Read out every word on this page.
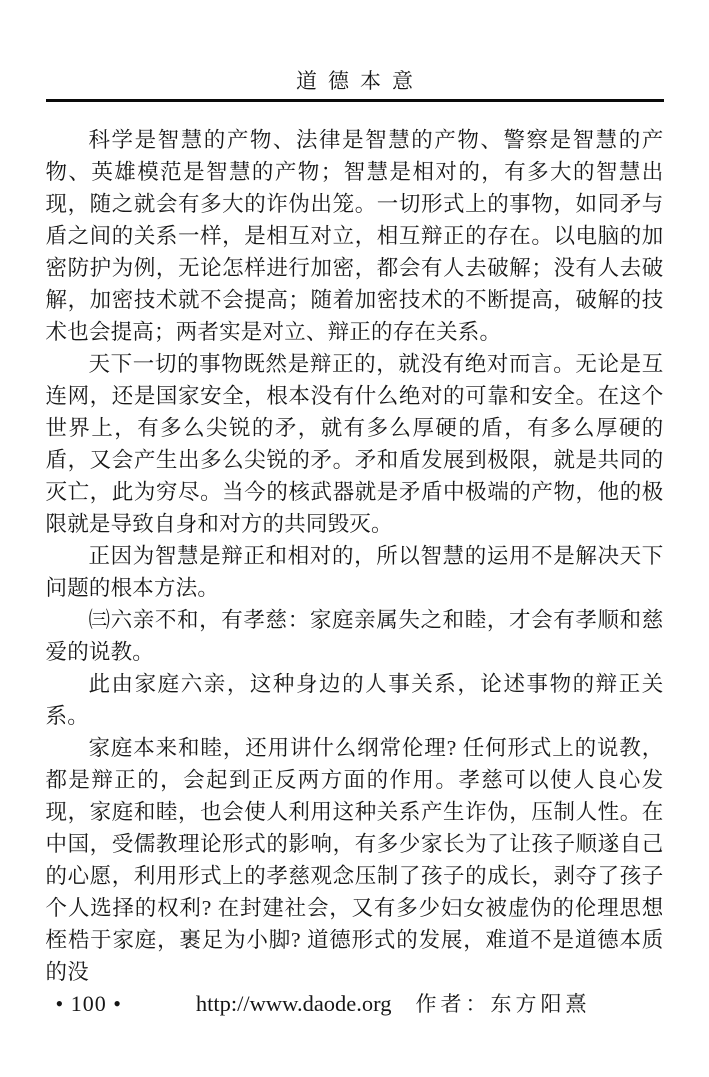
道德本意

科学是智慧的产物、法律是智慧的产物、警察是智慧的产物、英雄模范是智慧的产物；智慧是相对的，有多大的智慧出现，随之就会有多大的诈伪出笼。一切形式上的事物，如同矛与盾之间的关系一样，是相互对立，相互辩正的存在。以电脑的加密防护为例，无论怎样进行加密，都会有人去破解；没有人去破解，加密技术就不会提高；随着加密技术的不断提高，破解的技术也会提高；两者实是对立、辩正的存在关系。

天下一切的事物既然是辩正的，就没有绝对而言。无论是互连网，还是国家安全，根本没有什么绝对的可靠和安全。在这个世界上，有多么尖锐的矛，就有多么厚硬的盾，有多么厚硬的盾，又会产生出多么尖锐的矛。矛和盾发展到极限，就是共同的灭亡，此为穷尽。当今的核武器就是矛盾中极端的产物，他的极限就是导致自身和对方的共同毁灭。

正因为智慧是辩正和相对的，所以智慧的运用不是解决天下问题的根本方法。

㈢六亲不和，有孝慈：家庭亲属失之和睦，才会有孝顺和慈爱的说教。

此由家庭六亲，这种身边的人事关系，论述事物的辩正关系。

家庭本来和睦，还用讲什么纲常伦理? 任何形式上的说教，都是辩正的，会起到正反两方面的作用。孝慈可以使人良心发现，家庭和睦，也会使人利用这种关系产生诈伪，压制人性。在中国，受儒教理论形式的影响，有多少家长为了让孩子顺遂自己的心愿，利用形式上的孝慈观念压制了孩子的成长，剥夺了孩子个人选择的权利? 在封建社会，又有多少妇女被虚伪的伦理思想桎梏于家庭，裹足为小脚? 道德形式的发展，难道不是道德本质的没

• 100 •	http://www.daode.org 作者：东方阳熹
